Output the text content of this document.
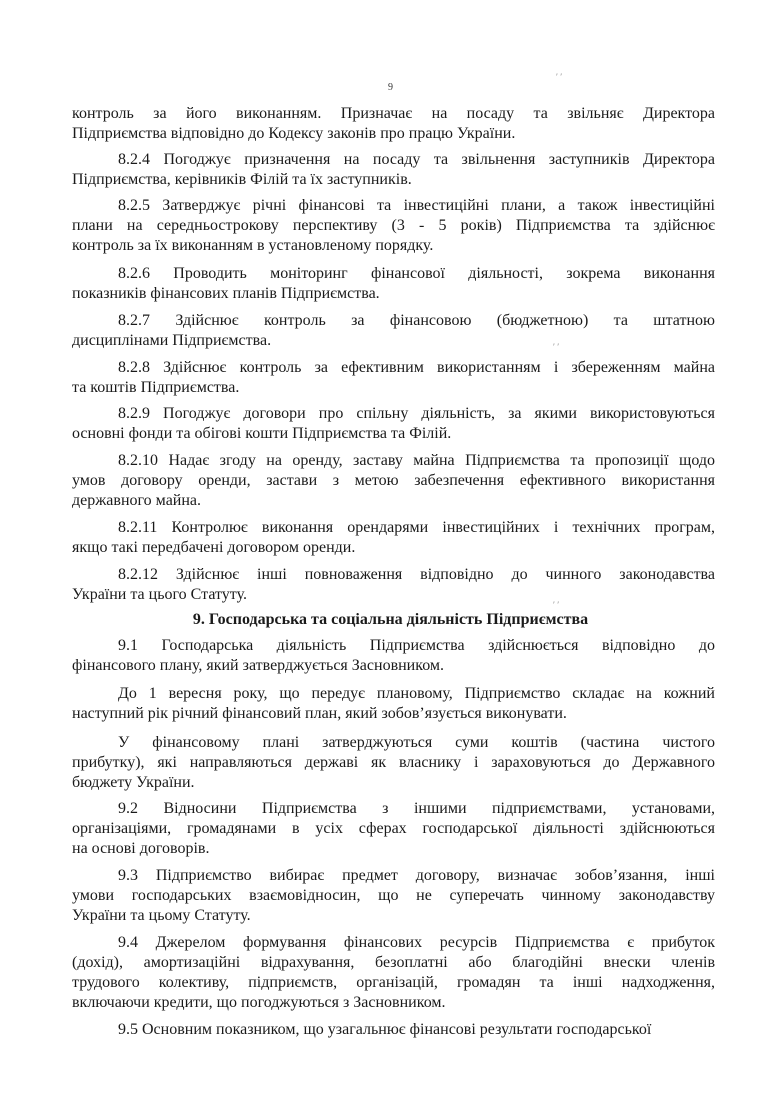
9
′ ′
′ ′
′ ′
контроль за його виконанням. Призначає на посаду та звільняє Директора
Підприємства відповідно до Кодексу законів про працю України.
8.2.4 Погоджує призначення на посаду та звільнення заступників Директора
Підприємства, керівників Філій та їх заступників.
8.2.5 Затверджує річні фінансові та інвестиційні плани, а також інвестиційні
плани на середньострокову перспективу (3 - 5 років) Підприємства та здійснює
контроль за їх виконанням в установленому порядку.
8.2.6 Проводить моніторинг фінансової діяльності, зокрема виконання
показників фінансових планів Підприємства.
8.2.7 Здійснює контроль за фінансовою (бюджетною) та штатною
дисциплінами Підприємства.
8.2.8 Здійснює контроль за ефективним використанням і збереженням майна
та коштів Підприємства.
8.2.9 Погоджує договори про спільну діяльність, за якими використовуються
основні фонди та обігові кошти Підприємства та Філій.
8.2.10 Надає згоду на оренду, заставу майна Підприємства та пропозиції щодо
умов договору оренди, застави з метою забезпечення ефективного використання
державного майна.
8.2.11 Контролює виконання орендарями інвестиційних і технічних програм,
якщо такі передбачені договором оренди.
8.2.12 Здійснює інші повноваження відповідно до чинного законодавства
України та цього Статуту.
9.1 Господарська діяльність Підприємства здійснюється відповідно до
фінансового плану, який затверджується Засновником.
До 1 вересня року, що передує плановому, Підприємство складає на кожний
наступний рік річний фінансовий план, який зобов’язується виконувати.
У фінансовому плані затверджуються суми коштів (частина чистого
прибутку), які направляються державі як власнику і зараховуються до Державного
бюджету України.
9.2 Відносини Підприємства з іншими підприємствами, установами,
організаціями, громадянами в усіх сферах господарської діяльності здійснюються
на основі договорів.
9.3 Підприємство вибирає предмет договору, визначає зобов’язання, інші
умови господарських взаємовідносин, що не суперечать чинному законодавству
України та цьому Статуту.
9.4 Джерелом формування фінансових ресурсів Підприємства є прибуток
(дохід), амортизаційні відрахування, безоплатні або благодійні внески членів
трудового колективу, підприємств, організацій, громадян та інші надходження,
включаючи кредити, що погоджуються з Засновником.
9.5 Основним показником, що узагальнює фінансові результати господарської
9. Господарська та соціальна діяльність Підприємства
